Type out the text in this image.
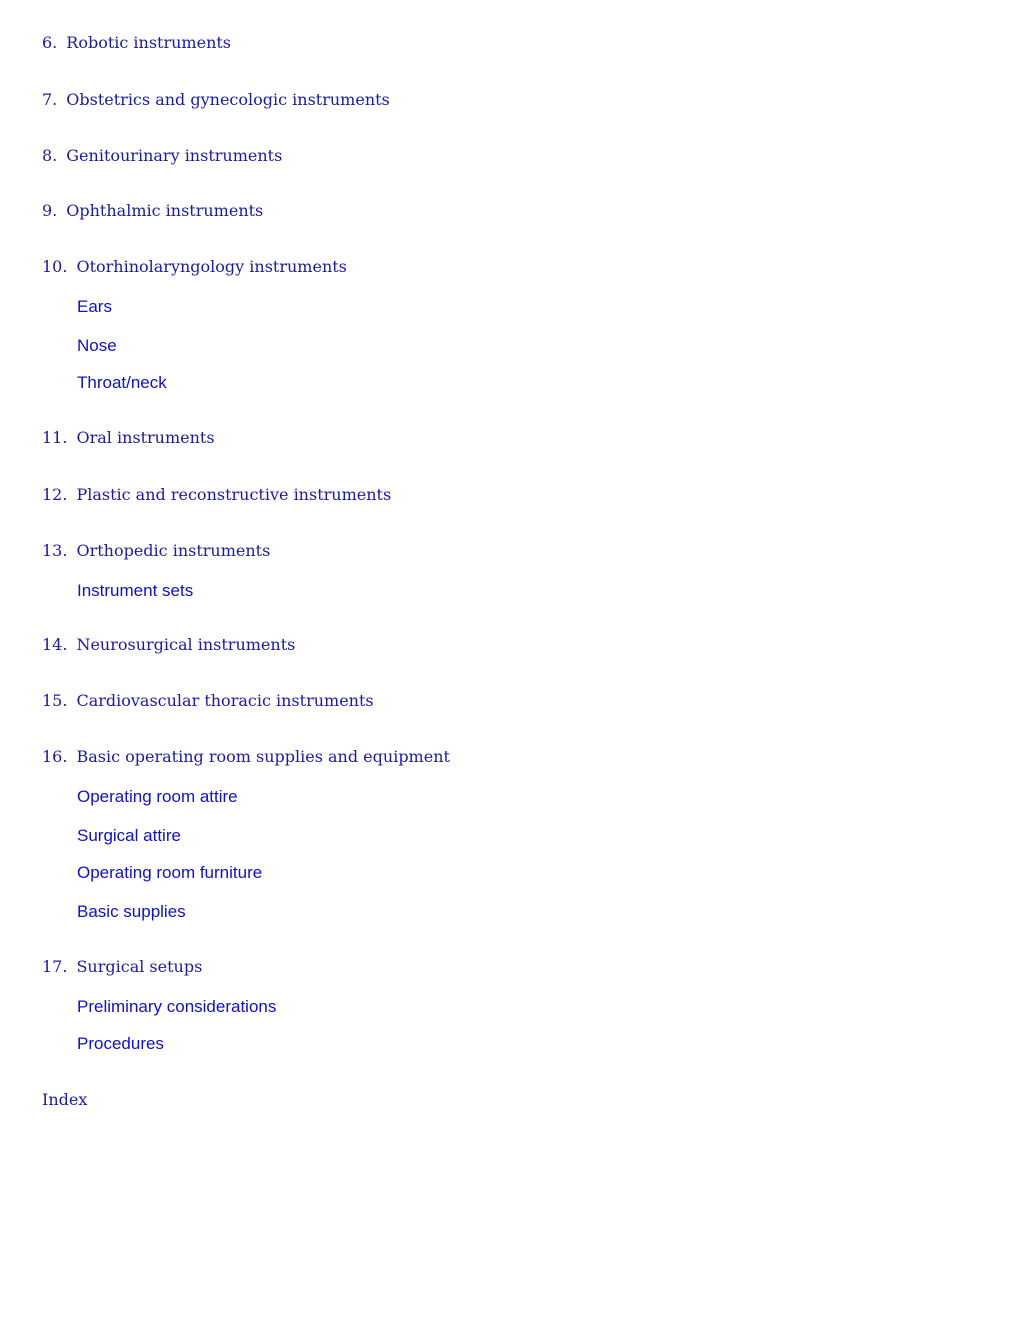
6. Robotic instruments
7. Obstetrics and gynecologic instruments
8. Genitourinary instruments
9. Ophthalmic instruments
10. Otorhinolaryngology instruments
Ears
Nose
Throat/neck
11. Oral instruments
12. Plastic and reconstructive instruments
13. Orthopedic instruments
Instrument sets
14. Neurosurgical instruments
15. Cardiovascular thoracic instruments
16. Basic operating room supplies and equipment
Operating room attire
Surgical attire
Operating room furniture
Basic supplies
17. Surgical setups
Preliminary considerations
Procedures
Index
